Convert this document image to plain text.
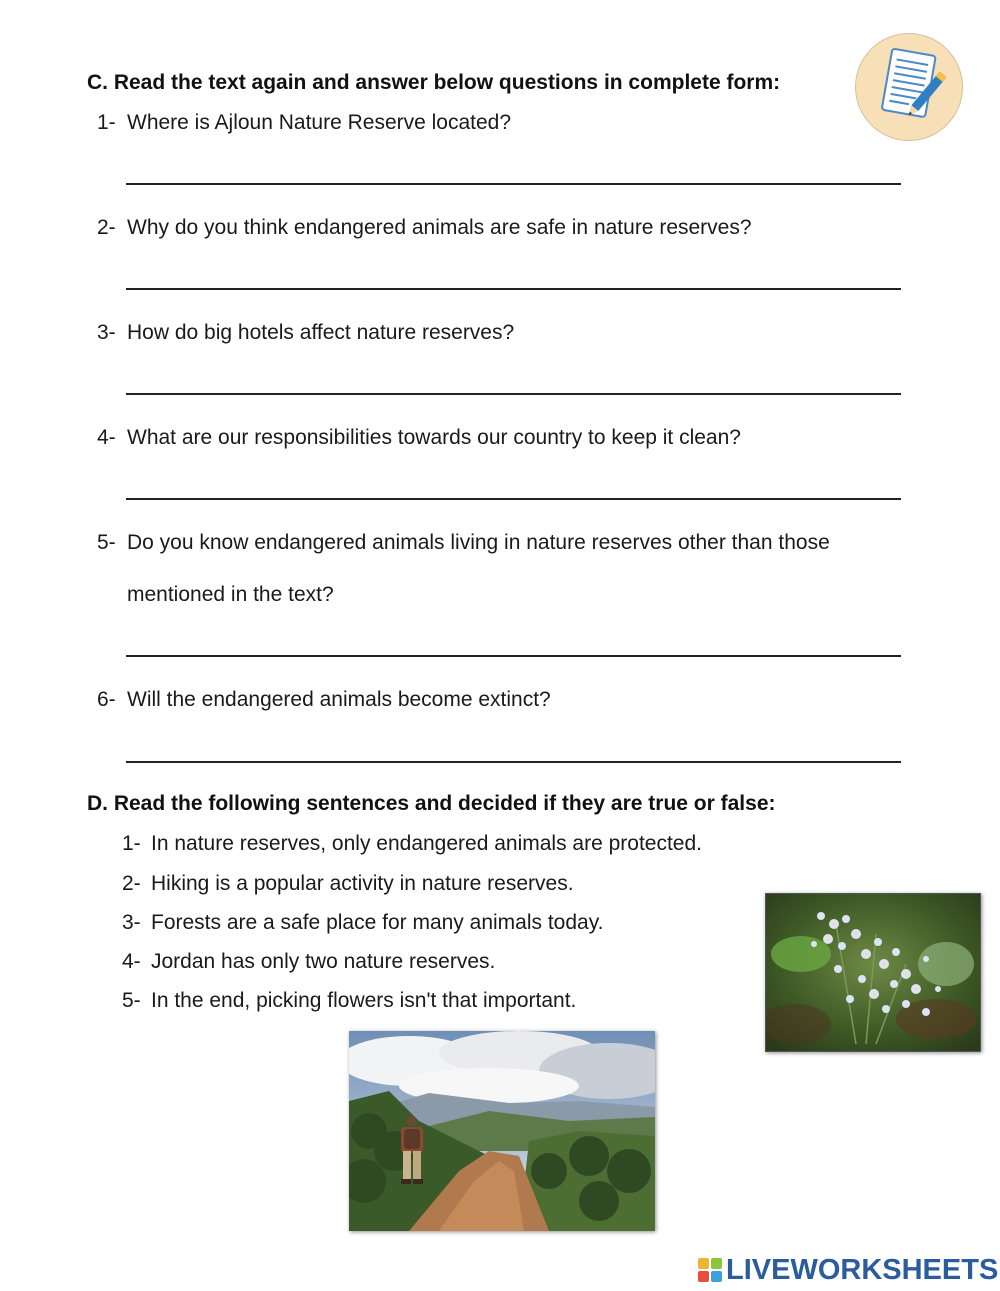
C. Read the text again and answer below questions in complete form:
1- Where is Ajloun Nature Reserve located?
2- Why do you think endangered animals are safe in nature reserves?
3- How do big hotels affect nature reserves?
4- What are our responsibilities towards our country to keep it clean?
5- Do you know endangered animals living in nature reserves other than those
mentioned in the text?
6- Will the endangered animals become extinct?
D. Read the following sentences and decided if they are true or false:
1- In nature reserves, only endangered animals are protected.
2- Hiking is a popular activity in nature reserves.
3- Forests are a safe place for many animals today.
4- Jordan has only two nature reserves.
5- In the end, picking flowers isn't that important.
LIVEWORKSHEETS
